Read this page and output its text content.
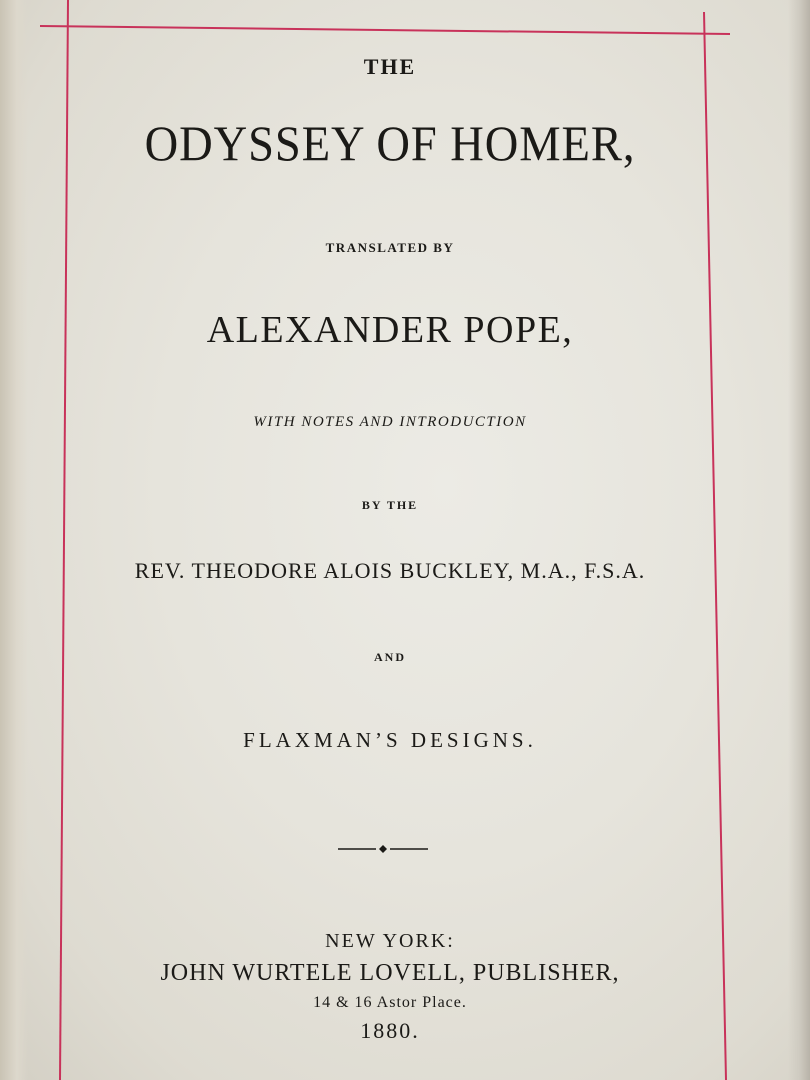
THE
ODYSSEY OF HOMER,
TRANSLATED BY
ALEXANDER POPE,
WITH NOTES AND INTRODUCTION
BY THE
REV. THEODORE ALOIS BUCKLEY, M.A., F.S.A.
AND
FLAXMAN’S DESIGNS.
NEW YORK:
JOHN WURTELE LOVELL, PUBLISHER,
14 & 16 Astor Place.
1880.
